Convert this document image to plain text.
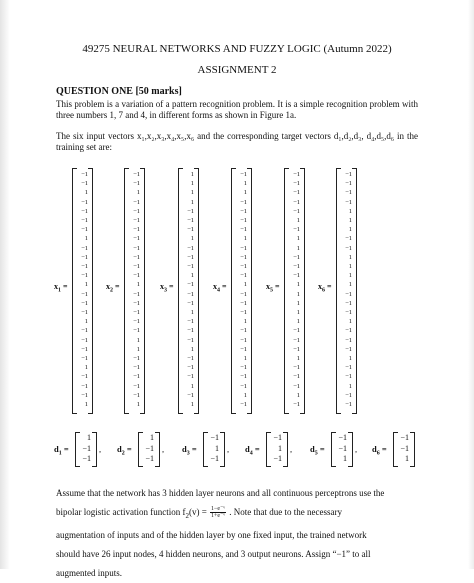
49275 NEURAL NETWORKS AND FUZZY LOGIC (Autumn 2022)
ASSIGNMENT 2
QUESTION ONE [50 marks]
This problem is a variation of a pattern recognition problem. It is a simple recognition problem with three numbers 1, 7 and 4, in different forms as shown in Figure 1a.
The six input vectors x₁,x₂,x₃,x₄,x₅,x₆ and the corresponding target vectors d₁,d₂,d₃, d₄,d₅,d₆ in the training set are:
$x_1$ =
−1
−1
1
−1
−1
−1
−1
1
−1
−1
−1
−1
1
−1
−1
−1
1
−1
−1
−1
−1
1
−1
−1
−1
1
$x_2$ =
−1
−1
1
−1
−1
−1
−1
−1
−1
−1
−1
−1
1
−1
−1
−1
−1
−1
1
1
−1
−1
−1
−1
−1
1
$x_3$ =
1
1
1
1
−1
−1
−1
1
−1
−1
−1
1
−1
−1
−1
1
−1
−1
−1
1
−1
−1
−1
1
−1
1
$x_4$ =
−1
1
1
−1
−1
−1
−1
1
−1
−1
−1
−1
1
−1
−1
−1
1
−1
−1
−1
1
−1
−1
−1
1
−1
$x_5$ =
−1
−1
−1
−1
−1
1
−1
1
1
−1
−1
−1
1
1
1
1
1
−1
−1
−1
1
−1
−1
−1
1
−1
$x_6$ =
−1
−1
−1
−1
1
1
1
−1
−1
1
1
1
1
−1
−1
−1
1
−1
−1
−1
1
−1
−1
1
−1
−1
$d_1$ =
1
−1
−1
, $d_2$ =
1
−1
−1
, $d_3$ =
−1
1
−1
, $d_4$ =
−1
1
−1
, $d_5$ =
−1
−1
1
, $d_6$ =
−1
−1
1
Assume that the network has 3 hidden layer neurons and all continuous perceptrons use the
bipolar logistic activation function $f_2(v) = \frac{\text{1−e⁻ᵛ}}{\text{1+e⁻ᵛ}}$ . Note that due to the necessary
augmentation of inputs and of the hidden layer by one fixed input, the trained network
should have 26 input nodes, 4 hidden neurons, and 3 output neurons. Assign “−1” to all
augmented inputs.
